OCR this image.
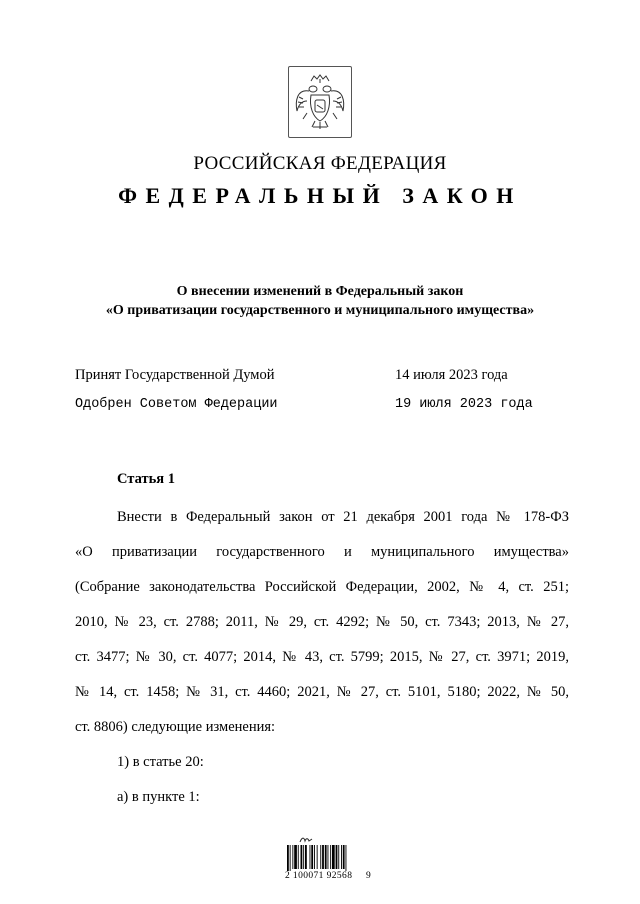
РОССИЙСКАЯ ФЕДЕРАЦИЯ
ФЕДЕРАЛЬНЫЙ ЗАКОН
О внесении изменений в Федеральный закон
«О приватизации государственного и муниципального имущества»
Принят Государственной Думой	14 июля 2023 года
Одобрен Советом Федерации	19 июля 2023 года
Статья 1
Внести в Федеральный закон от 21 декабря 2001 года № 178-ФЗ
«О приватизации государственного и муниципального имущества»
(Собрание законодательства Российской Федерации, 2002, № 4, ст. 251;
2010, № 23, ст. 2788; 2011, № 29, ст. 4292; № 50, ст. 7343; 2013, № 27,
ст. 3477; № 30, ст. 4077; 2014, № 43, ст. 5799; 2015, № 27, ст. 3971; 2019,
№ 14, ст. 1458; № 31, ст. 4460; 2021, № 27, ст. 5101, 5180; 2022, № 50,
ст. 8806) следующие изменения:
1) в статье 20:
а) в пункте 1:
2 100071 92568 9
